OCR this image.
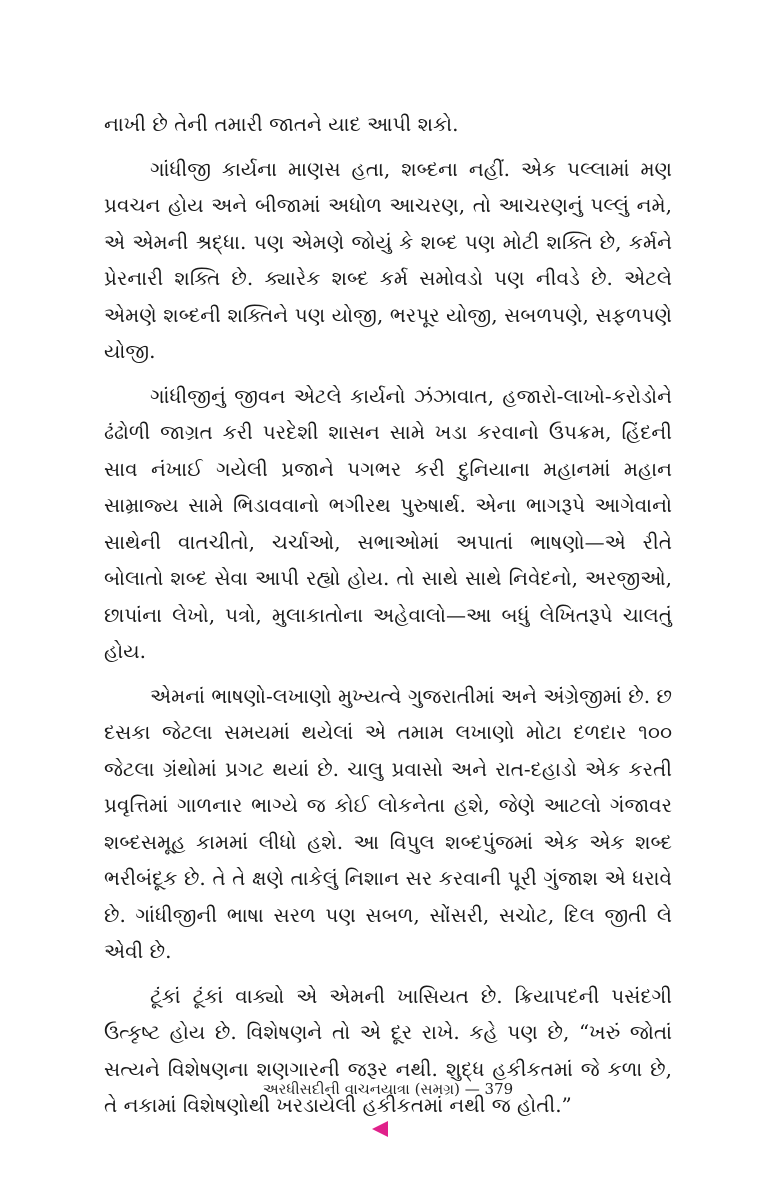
નાખી છે તેની તમારી જાતને યાદ આપી શકો.

ગાંધીજી કાર્યના માણસ હતા, શબ્દના નહીં. એક પલ્લામાં મણ પ્રવચન હોય અને બીજામાં અધોળ આચરણ, તો આચરણનું પલ્લું નમે, એ એમની શ્રદ્ધા. પણ એમણે જોયું કે શબ્દ પણ મોટી શક્તિ છે, કર્મને પ્રેરનારી શક્તિ છે. ક્યારેક શબ્દ કર્મ સમોવડો પણ નીવડે છે. એટલે એમણે શબ્દની શક્તિને પણ યોજી, ભરપૂર યોજી, સબળપણે, સફળપણે યોજી.

ગાંધીજીનું જીવન એટલે કાર્યનો ઝંઝાવાત, હજારો-લાખો-કરોડોને ઢંઢોળી જાગ્રત કરી પરદેશી શાસન સામે ખડા કરવાનો ઉપક્રમ, હિંદની સાવ નંખાઈ ગયેલી પ્રજાને પગભર કરી દુનિયાના મહાનમાં મહાન સામ્રાજ્ય સામે ભિડાવવાનો ભગીરથ પુરુષાર્થ. એના ભાગરૂપે આગેવાનો સાથેની વાતચીતો, ચર્ચાઓ, સભાઓમાં અપાતાં ભાષણો—એ રીતે બોલાતો શબ્દ સેવા આપી રહ્યો હોય. તો સાથે સાથે નિવેદનો, અરજીઓ, છાપાંના લેખો, પત્રો, મુલાકાતોના અહેવાલો—આ બધું લેખિતરૂપે ચાલતું હોય.

એમનાં ભાષણો-લખાણો મુખ્યત્વે ગુજરાતીમાં અને અંગ્રેજીમાં છે. છ દસકા જેટલા સમયમાં થયેલાં એ તમામ લખાણો મોટા દળદાર ૧૦૦ જેટલા ગ્રંથોમાં પ્રગટ થયાં છે. ચાલુ પ્રવાસો અને રાત-દહાડો એક કરતી પ્રવૃત્તિમાં ગાળનાર ભાગ્યે જ કોઈ લોકનેતા હશે, જેણે આટલો ગંજાવર શબ્દસમૂહ કામમાં લીધો હશે. આ વિપુલ શબ્દપુંજમાં એક એક શબ્દ ભરીબંદૂક છે. તે તે ક્ષણે તાકેલું નિશાન સર કરવાની પૂરી ગુંજાશ એ ધરાવે છે. ગાંધીજીની ભાષા સરળ પણ સબળ, સોંસરી, સચોટ, દિલ જીતી લે એવી છે.

ટૂંકાં ટૂંકાં વાક્યો એ એમની ખાસિયત છે. ક્રિયાપદની પસંદગી ઉત્કૃષ્ટ હોય છે. વિશેષણને તો એ દૂર રાખે. કહે પણ છે, “ખરું જોતાં સત્યને વિશેષણના શણગારની જરૂર નથી. શુદ્ધ હકીકતમાં જે કળા છે, તે નકામાં વિશેષણોથી ખરડાયેલી હકીકતમાં નથી જ હોતી.”

અરધીસદીની વાચનયાત્રા (સમગ્ર) — 379
